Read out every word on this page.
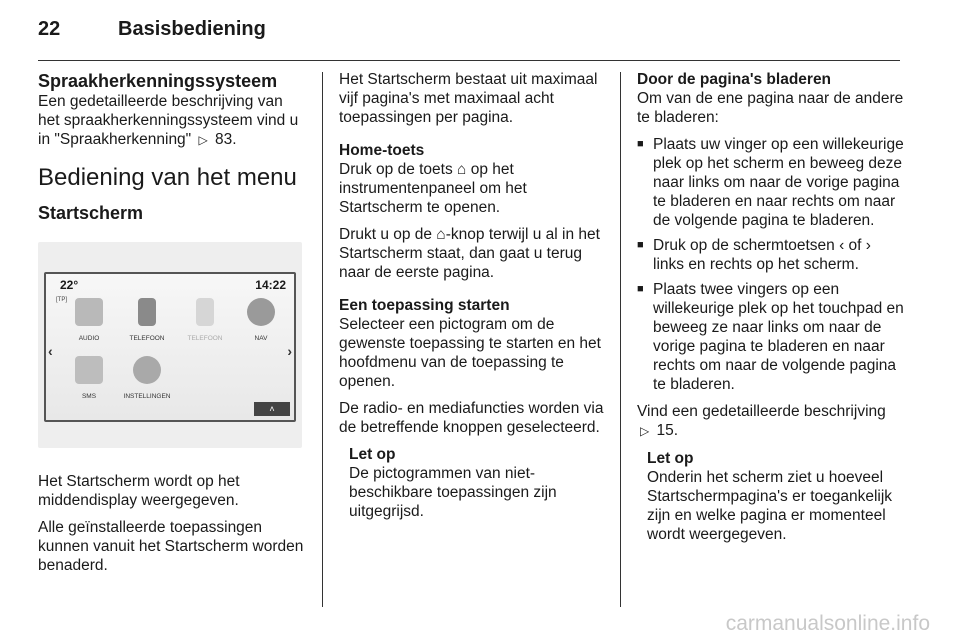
22	Basisbediening
Spraakherkenningssysteem

Een gedetailleerde beschrijving van het spraakherkenningssysteem vind u in "Spraakherkenning" ▷ 83.

Bediening van het menu
Startscherm
22°
[TP]
14:22
‹	›
AUDIO	TELEFOON	TELEFOON	NAV
SMS	INSTELLINGEN
˄

Het Startscherm wordt op het middendisplay weergegeven.

Alle geïnstalleerde toepassingen kunnen vanuit het Startscherm worden benaderd.

Het Startscherm bestaat uit maximaal vijf pagina's met maximaal acht toepassingen per pagina.

Home-toets
Druk op de toets ⌂ op het instrumentenpaneel om het Startscherm te openen.

Drukt u op de ⌂-knop terwijl u al in het Startscherm staat, dan gaat u terug naar de eerste pagina.

Een toepassing starten
Selecteer een pictogram om de gewenste toepassing te starten en het hoofdmenu van de toepassing te openen.

De radio- en mediafuncties worden via de betreffende knoppen geselecteerd.

Let op
De pictogrammen van niet-beschikbare toepassingen zijn uitgegrijsd.

Door de pagina's bladeren
Om van de ene pagina naar de andere te bladeren:

■ Plaats uw vinger op een willekeurige plek op het scherm en beweeg deze naar links om naar de vorige pagina te bladeren en naar rechts om naar de volgende pagina te bladeren.
■ Druk op de schermtoetsen ‹ of › links en rechts op het scherm.
■ Plaats twee vingers op een willekeurige plek op het touchpad en beweeg ze naar links om naar de vorige pagina te bladeren en naar rechts om naar de volgende pagina te bladeren.

Vind een gedetailleerde beschrijving
▷ 15.

Let op
Onderin het scherm ziet u hoeveel Startschermpagina's er toegankelijk zijn en welke pagina er momenteel wordt weergegeven.
carmanualsonline.info
